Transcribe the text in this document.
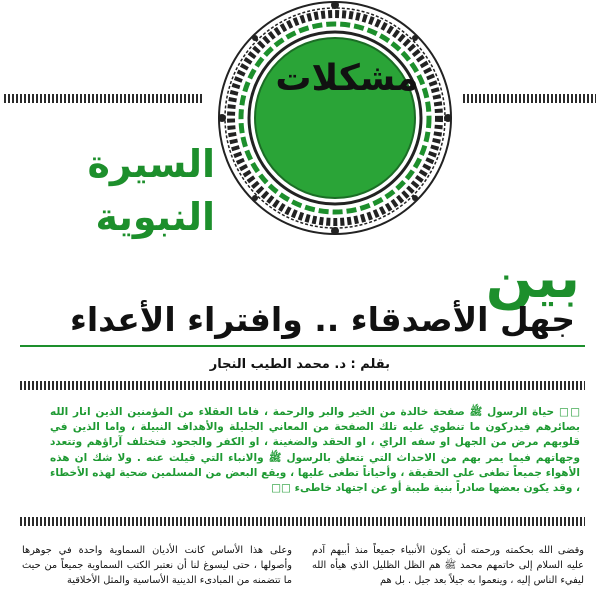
مشكلات
السيرة
النبوية
بين
جهل الأصدقاء .. وافتراء الأعداء
بقلم : د. محمد الطيب النجار
□□ حياة الرسول ﷺ صفحة خالدة من الخير والبر والرحمة ، فاما العقلاء من المؤمنين الذين انار الله بصائرهم فيدركون ما تنطوي عليه تلك الصفحة من المعاني الجليلة والأهداف النبيلة ، واما الذين في قلوبهم مرض من الجهل او سفه الراي ، او الحقد والضغينة ، او الكفر والجحود فتختلف آراؤهم وتتعدد وجهاتهم فيما يمر بهم من الاحداث التي تتعلق بالرسول ﷺ والانباء التي قيلت عنه . ولا شك ان هذه الأهواء جميعاً تطغى على الحقيقة ، وأحياناً تطغى عليها ، ويقع البعض من المسلمين ضحية لهذه الأخطاء ، وقد يكون بعضها صادراً بنية طيبة أو عن اجتهاد خاطىء □□

وقضى الله بحكمته ورحمته أن يكون الأنبياء جميعاً منذ أبيهم آدم عليه السلام إلى خاتمهم محمد ﷺ هم الظل الظليل الذي هيأه الله ليفيء الناس إليه ، وينعموا به جيلاً بعد جيل . بل هم

وعلى هذا الأساس كانت الأديان السماوية واحدة في جوهرها وأصولها ، حتى ليسوغ لنا أن نعتبر الكتب السماوية جميعاً من حيث ما تتضمنه من المبادىء الدينية الأساسية والمثل الأخلاقية
